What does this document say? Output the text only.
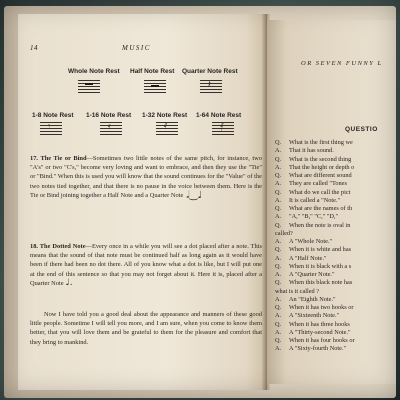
14	MUSIC
Whole Note Rest Half Note Rest Quarter Note Rest
𝄽
1-8 Note Rest
𝄾
1-16 Note Rest
𝄿
1-32 Note Rest
𝅀
1-64 Note Rest
𝅁
17. The Tie or Bind—Sometimes two little notes of the same pitch, for instance, two "A's" or two "C's," become very loving and want to embrace, and then they use the "Tie" or "Bind." When this is used you will know that the sound continues for the "Value" of the two notes tied together, and that there is no pause in the voice between them. Here is the Tie or Bind joining together a Half Note and a Quarter Note 𝅗𝅥‿♩
18. The Dotted Note—Every once in a while you will see a dot placed after a note. This means that the sound of that note must be continued half as long again as it would have been if there had been no dot there. All of you know what a dot is like, but I will put one at the end of this sentence so that you may not forget about it. Here it is, placed after a Quarter Note ♩.
Now I have told you a good deal about the appearance and manners of these good little people. Sometime I will tell you more, and I am sure, when you come to know them better, that you will love them and be grateful to them for the pleasure and comfort that they bring to mankind.
OR SEVEN FUNNY L
QUESTIO
Q. What is the first thing we
A. That it has sound.
Q. What is the second thing
A. That the height or depth o
Q. What are different sound
A. They are called "Tones
Q. What do we call the pict
A. It is called a "Note."
Q. What are the names of th
A. "A," "B," "C," "D,"
Q. When the note is oval in
called?
A. A "Whole Note."
Q. When it is white and has
A. A "Half Note."
Q. When it is black with a s
A. A "Quarter Note."
Q. When this black note has
what is it called ?
A. An "Eighth Note."
Q. When it has two hooks or
A. A "Sixteenth Note."
Q. When it has three hooks
A. A "Thirty-second Note."
Q. When it has four hooks or
A. A "Sixty-fourth Note."
